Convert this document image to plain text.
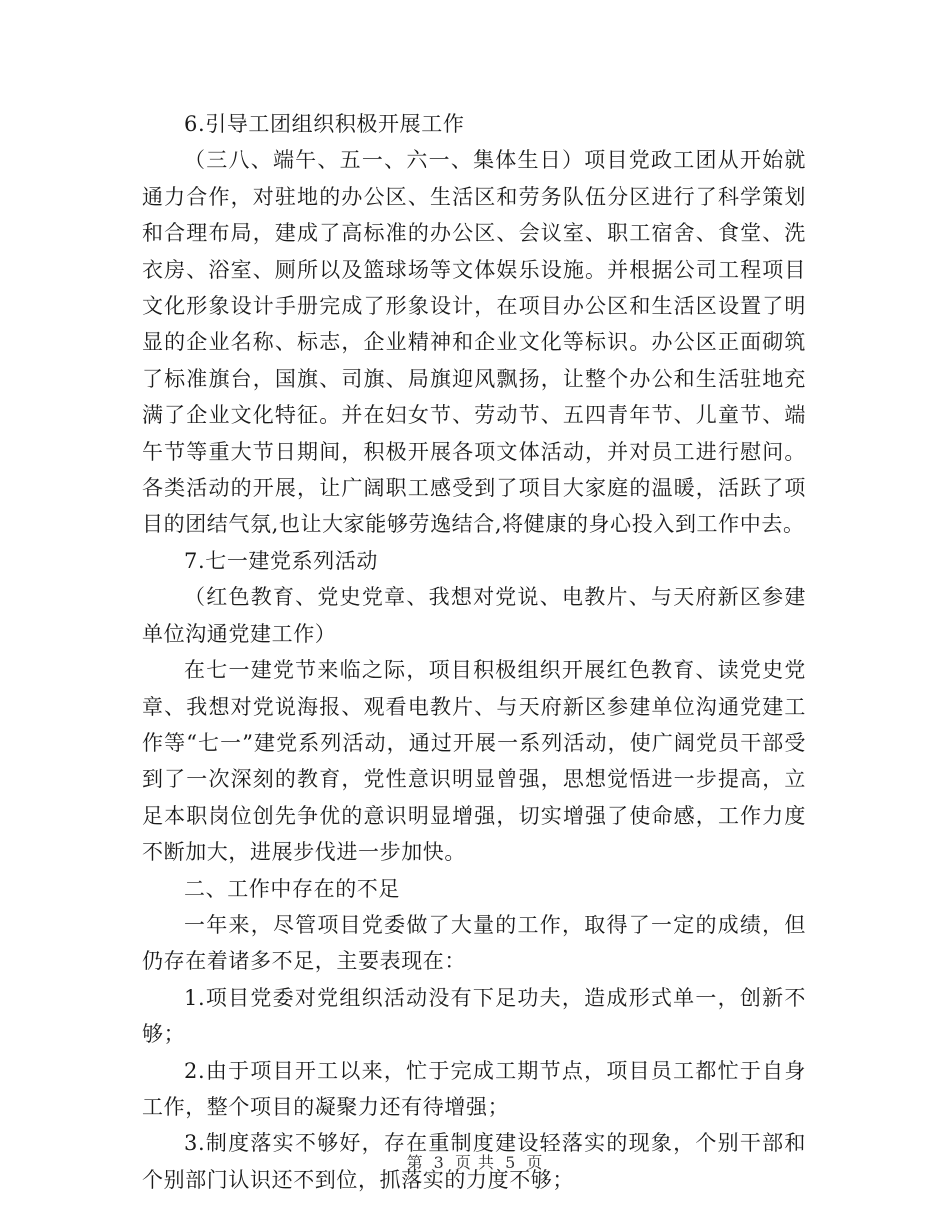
6.引导工团组织积极开展工作

（三八、端午、五一、六一、集体生日）项目党政工团从开始就通力合作，对驻地的办公区、生活区和劳务队伍分区进行了科学策划和合理布局，建成了高标准的办公区、会议室、职工宿舍、食堂、洗衣房、浴室、厕所以及篮球场等文体娱乐设施。并根据公司工程项目文化形象设计手册完成了形象设计，在项目办公区和生活区设置了明显的企业名称、标志，企业精神和企业文化等标识。办公区正面砌筑了标准旗台，国旗、司旗、局旗迎风飘扬，让整个办公和生活驻地充满了企业文化特征。并在妇女节、劳动节、五四青年节、儿童节、端午节等重大节日期间，积极开展各项文体活动，并对员工进行慰问。各类活动的开展，让广阔职工感受到了项目大家庭的温暖，活跃了项目的团结气氛,也让大家能够劳逸结合,将健康的身心投入到工作中去。

7.七一建党系列活动

（红色教育、党史党章、我想对党说、电教片、与天府新区参建单位沟通党建工作）

在七一建党节来临之际，项目积极组织开展红色教育、读党史党章、我想对党说海报、观看电教片、与天府新区参建单位沟通党建工作等“七一”建党系列活动，通过开展一系列活动，使广阔党员干部受到了一次深刻的教育，党性意识明显曾强，思想觉悟进一步提高，立足本职岗位创先争优的意识明显增强，切实增强了使命感，工作力度不断加大，进展步伐进一步加快。

二、工作中存在的不足

一年来，尽管项目党委做了大量的工作，取得了一定的成绩，但仍存在着诸多不足，主要表现在：

1.项目党委对党组织活动没有下足功夫，造成形式单一，创新不够；

2.由于项目开工以来，忙于完成工期节点，项目员工都忙于自身工作，整个项目的凝聚力还有待增强；

3.制度落实不够好，存在重制度建设轻落实的现象，个别干部和个别部门认识还不到位，抓落实的力度不够；

第 3 页 共 5 页
